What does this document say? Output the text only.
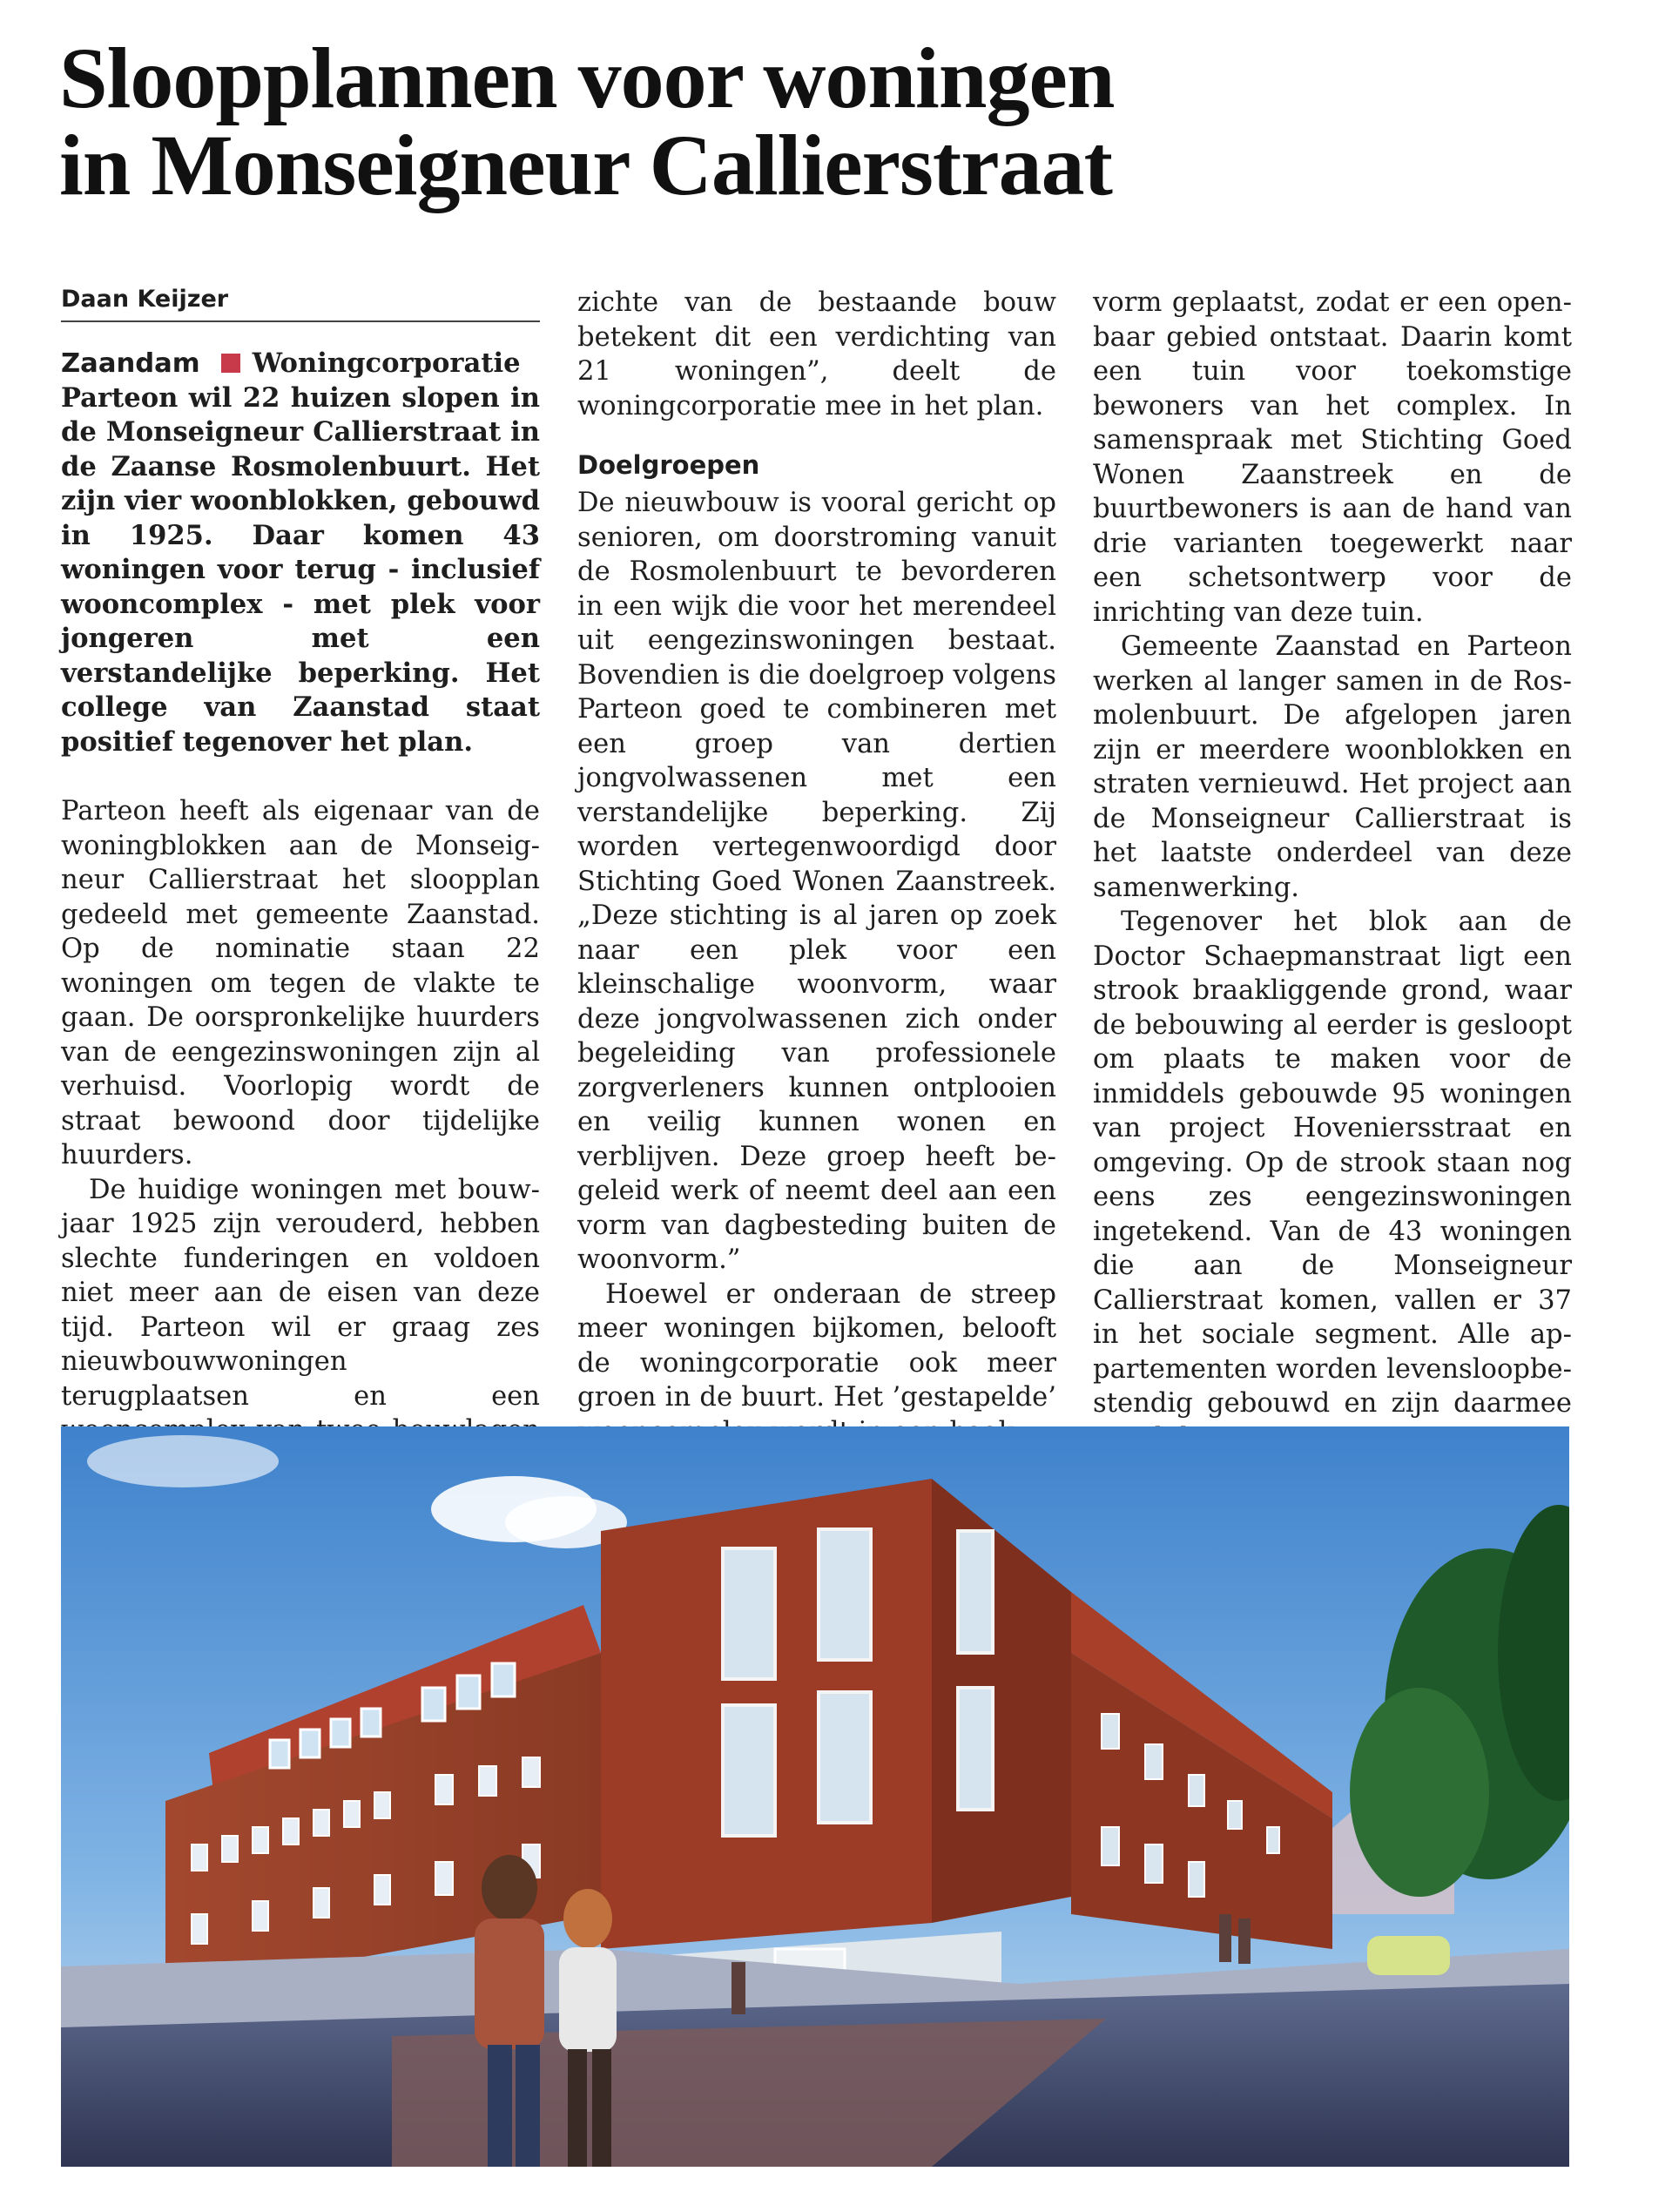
Sloopplannen voor woningen
in Monseigneur Callierstraat
Daan Keijzer

Zaandam Woningcorporatie Parteon wil 22 huizen slopen in de Monseigneur Callierstraat in de Zaanse Rosmolenbuurt. Het zijn vier woonblokken, gebouwd in 1925. Daar komen 43 woningen voor terug - inclusief wooncomplex - met plek voor jongeren met een verstandelijke beperking. Het college van Zaanstad staat positief tegenover het plan.

Parteon heeft als eigenaar van de woningblokken aan de Monseigneur Callierstraat het sloopplan gedeeld met gemeente Zaanstad. Op de nominatie staan 22 woningen om tegen de vlakte te gaan. De oorspronkelijke huurders van de eengezinswoningen zijn al verhuisd. Voorlopig wordt de straat bewoond door tijdelijke huurders.

De huidige woningen met bouwjaar 1925 zijn verouderd, hebben slechte funderingen en voldoen niet meer aan de eisen van deze tijd. Parteon wil er graag zes nieuwbouwwoningen terugplaatsen en een

zichte van de bestaande bouw betekent dit een verdichting van 21 woningen”, deelt de woningcorporatie mee in het plan.

Doelgroepen

De nieuwbouw is vooral gericht op senioren, om doorstroming vanuit de Rosmolenbuurt te bevorderen in een wijk die voor het merendeel uit eengezinswoningen bestaat. Bovendien is die doelgroep volgens Parteon goed te combineren met een groep van dertien jongvolwassenen met een verstandelijke beperking. Zij worden vertegenwoordigd door Stichting Goed Wonen Zaanstreek. „Deze stichting is al jaren op zoek naar een plek voor een kleinschalige woonvorm, waar deze jongvolwassenen zich onder begeleiding van professionele zorgverleners kunnen ontplooien en veilig kunnen wonen en verblijven. Deze groep heeft begeleid werk of neemt deel aan een vorm van dagbesteding buiten de woonvorm.”

Hoewel er onderaan de streep meer woningen bijkomen, belooft de woningcorporatie ook meer groen in de buurt. Het ’gestapelde’

vorm geplaatst, zodat er een openbaar gebied ontstaat. Daarin komt een tuin voor toekomstige bewoners van het complex. In samenspraak met Stichting Goed Wonen Zaanstreek en de buurtbewoners is aan de hand van drie varianten toegewerkt naar een schetsontwerp voor de inrichting van deze tuin.

Gemeente Zaanstad en Parteon werken al langer samen in de Rosmolenbuurt. De afgelopen jaren zijn er meerdere woonblokken en straten vernieuwd. Het project aan de Monseigneur Callierstraat is het laatste onderdeel van deze samenwerking.

Tegenover het blok aan de Doctor Schaepmanstraat ligt een strook braakliggende grond, waar de bebouwing al eerder is gesloopt om plaats te maken voor de inmiddels gebouwde 95 woningen van project Hoveniersstraat en omgeving. Op de strook staan nog eens zes eengezinswoningen ingetekend. Van de 43 woningen die aan de Monseigneur Callierstraat komen, vallen er 37 in het sociale segment. Alle appartementen worden levensloopbestendig gebouwd en zijn daarmee
